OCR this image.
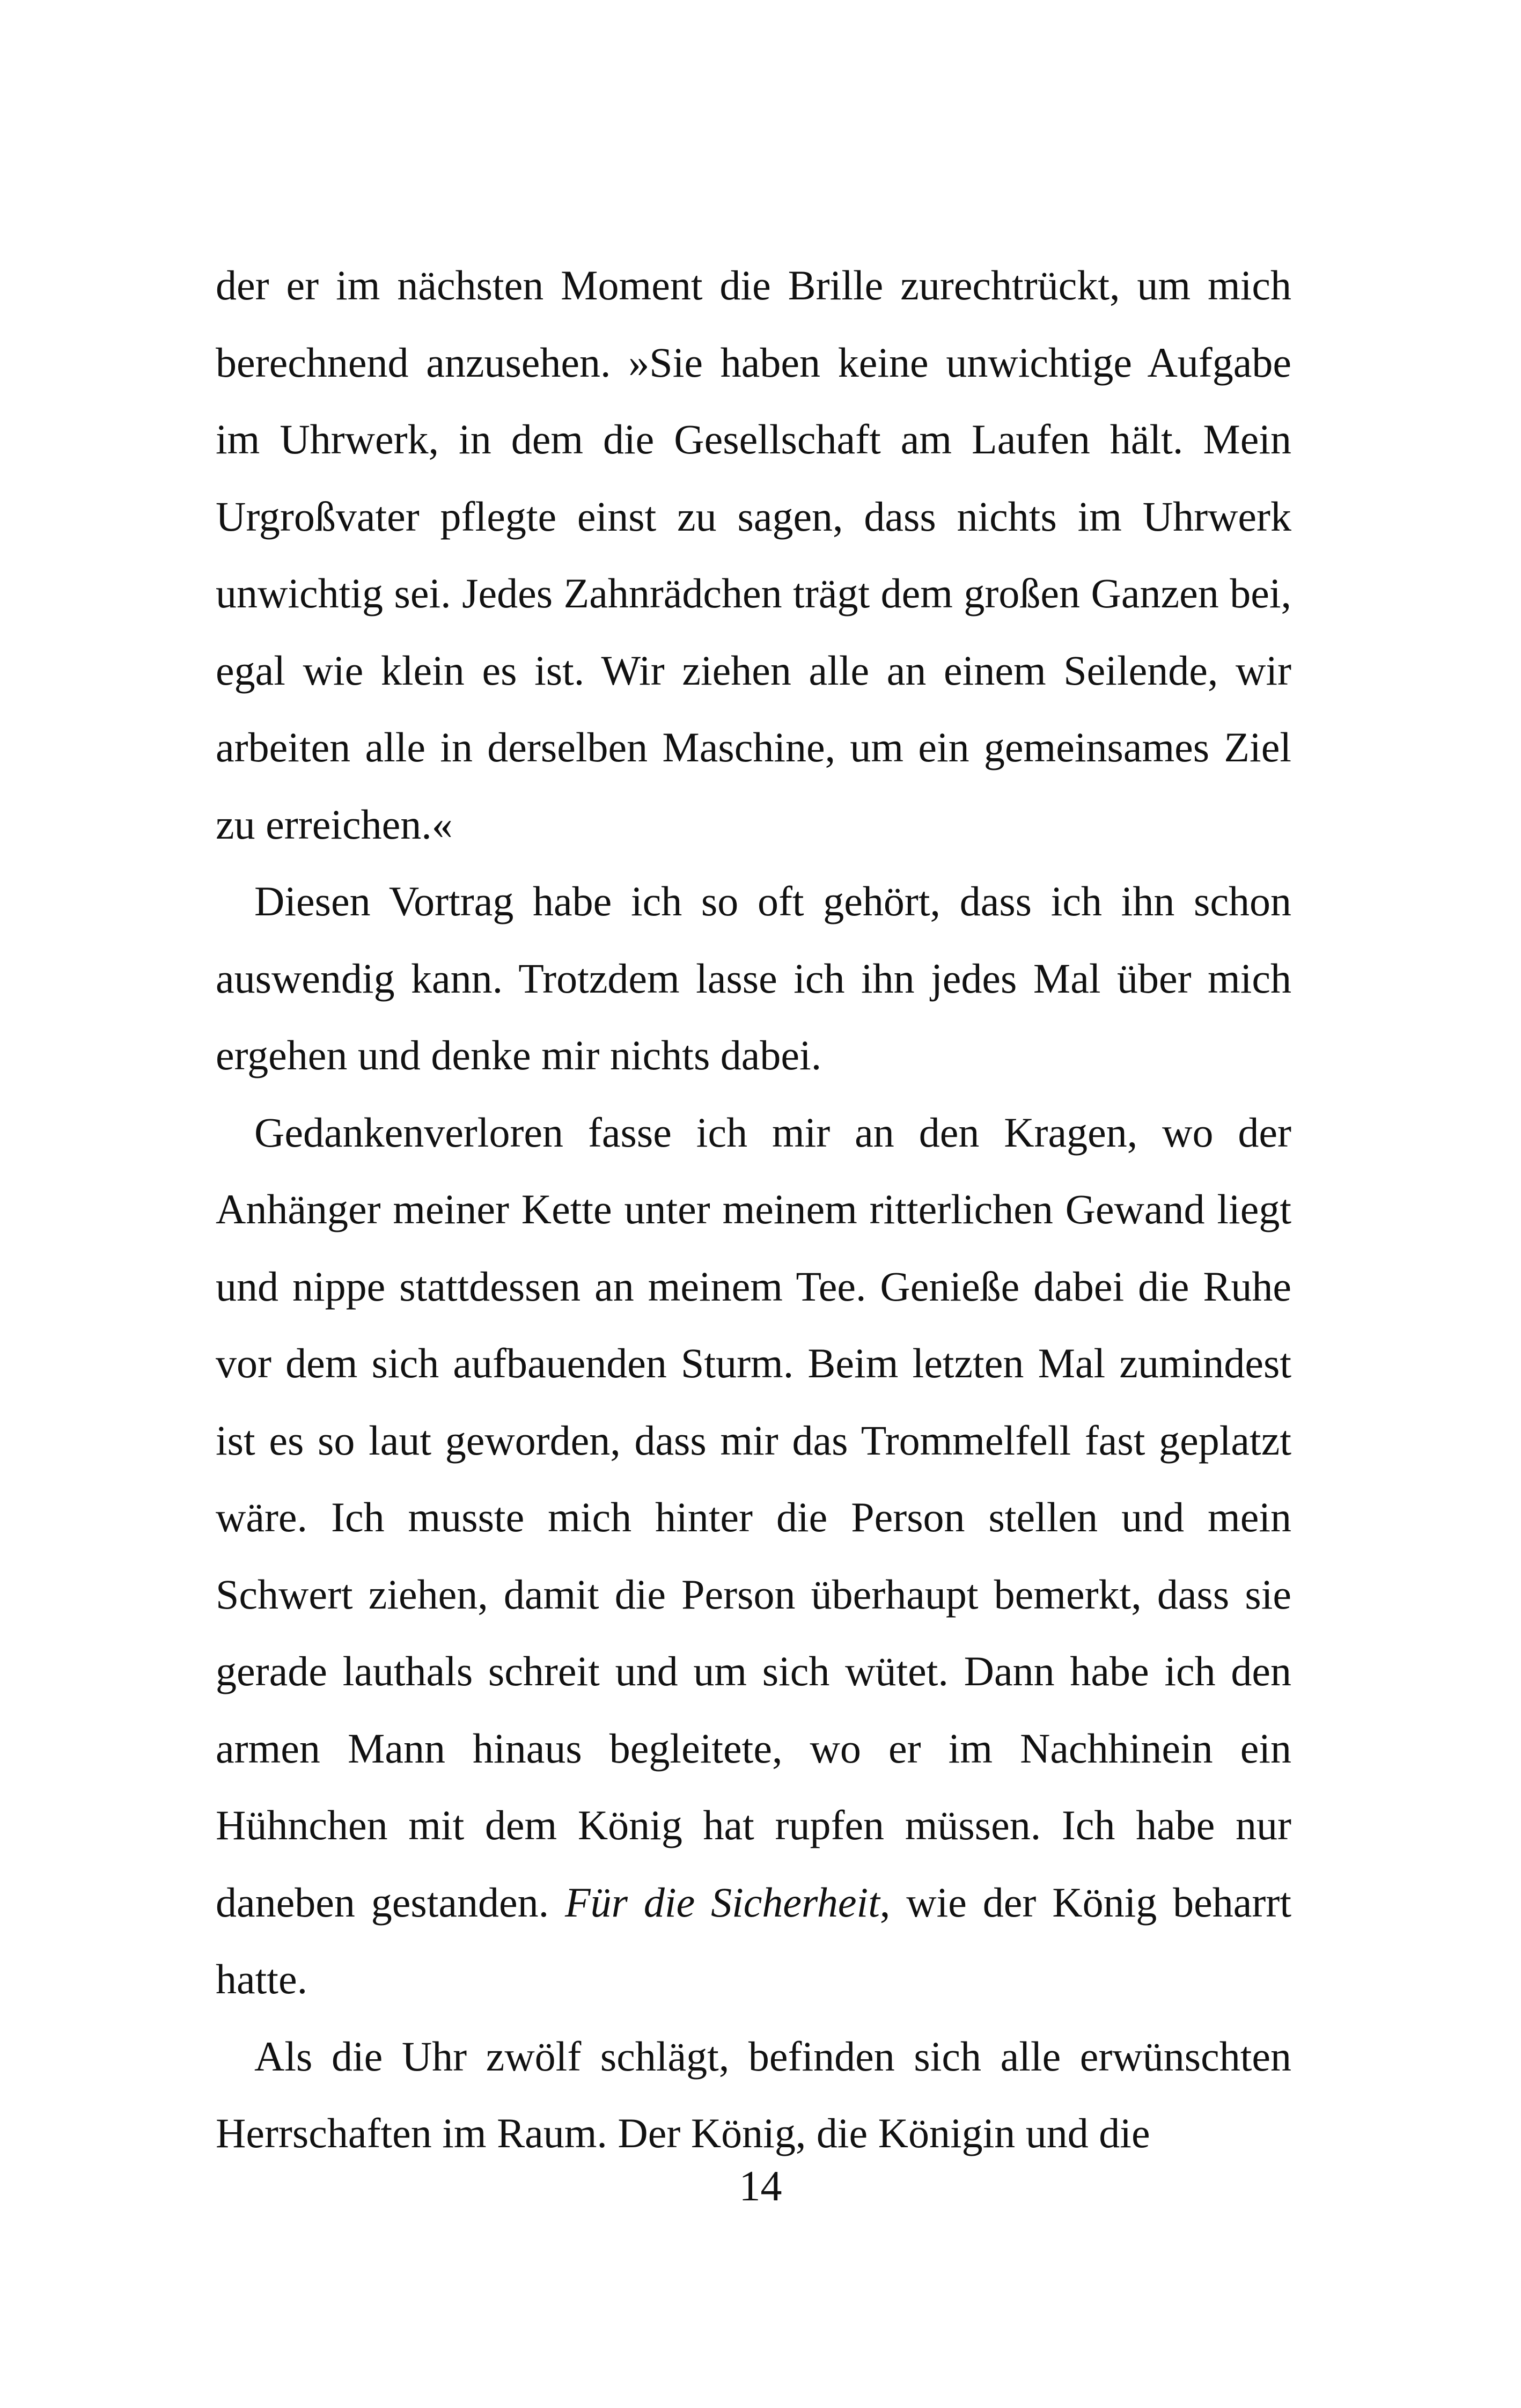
der er im nächsten Moment die Brille zurechtrückt, um mich berechnend anzusehen. »Sie haben keine unwichtige Aufgabe im Uhrwerk, in dem die Gesellschaft am Laufen hält. Mein Urgroßvater pflegte einst zu sagen, dass nichts im Uhrwerk unwichtig sei. Jedes Zahnrädchen trägt dem großen Ganzen bei, egal wie klein es ist. Wir ziehen alle an einem Seilende, wir arbeiten alle in derselben Maschine, um ein gemeinsames Ziel zu erreichen.«

Diesen Vortrag habe ich so oft gehört, dass ich ihn schon auswendig kann. Trotzdem lasse ich ihn jedes Mal über mich ergehen und denke mir nichts dabei.

Gedankenverloren fasse ich mir an den Kragen, wo der Anhänger meiner Kette unter meinem ritterlichen Gewand liegt und nippe stattdessen an meinem Tee. Genieße dabei die Ruhe vor dem sich aufbauenden Sturm. Beim letzten Mal zumindest ist es so laut geworden, dass mir das Trommelfell fast geplatzt wäre. Ich musste mich hinter die Person stellen und mein Schwert ziehen, damit die Person überhaupt bemerkt, dass sie gerade lauthals schreit und um sich wütet. Dann habe ich den armen Mann hinaus begleitete, wo er im Nachhinein ein Hühnchen mit dem König hat rupfen müssen. Ich habe nur daneben gestanden. Für die Sicherheit, wie der König beharrt hatte.

Als die Uhr zwölf schlägt, befinden sich alle erwünschten Herrschaften im Raum. Der König, die Königin und die

14
